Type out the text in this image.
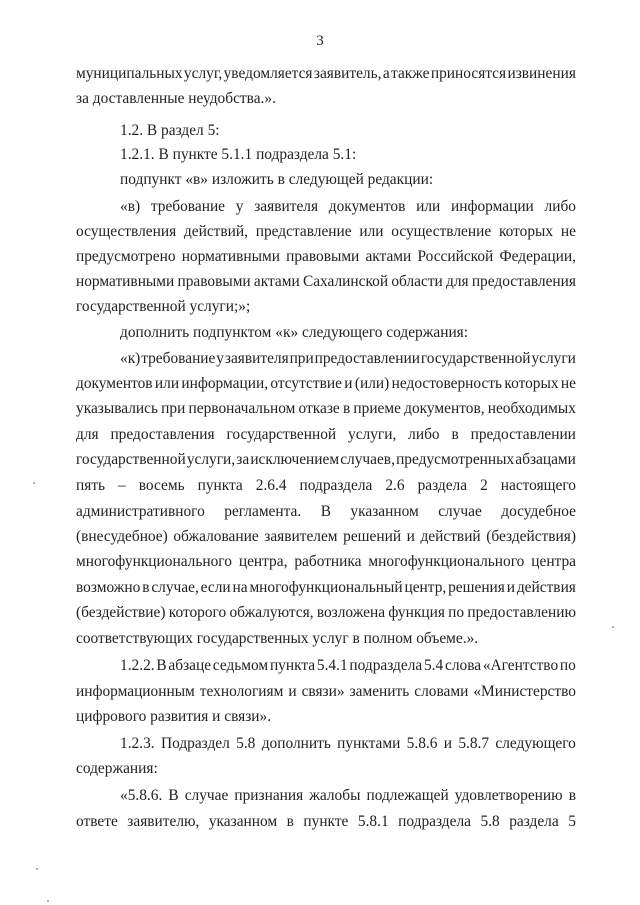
3
муниципальных услуг, уведомляется заявитель, а также приносятся извинения
за доставленные неудобства.».
1.2. В раздел 5:
1.2.1. В пункте 5.1.1 подраздела 5.1:
подпункт «в» изложить в следующей редакции:
«в) требование у заявителя документов или информации либо
осуществления действий, представление или осуществление которых не
предусмотрено нормативными правовыми актами Российской Федерации,
нормативными правовыми актами Сахалинской области для предоставления
государственной услуги;»;
дополнить подпунктом «к» следующего содержания:
«к) требование у заявителя при предоставлении государственной услуги
документов или информации, отсутствие и (или) недостоверность которых не
указывались при первоначальном отказе в приеме документов, необходимых
для предоставления государственной услуги, либо в предоставлении
государственной услуги, за исключением случаев, предусмотренных абзацами
пять – восемь пункта 2.6.4 подраздела 2.6 раздела 2 настоящего
административного регламента. В указанном случае досудебное
(внесудебное) обжалование заявителем решений и действий (бездействия)
многофункционального центра, работника многофункционального центра
возможно в случае, если на многофункциональный центр, решения и действия
(бездействие) которого обжалуются, возложена функция по предоставлению
соответствующих государственных услуг в полном объеме.».
1.2.2. В абзаце седьмом пункта 5.4.1 подраздела 5.4 слова «Агентство по
информационным технологиям и связи» заменить словами «Министерство
цифрового развития и связи».
1.2.3. Подраздел 5.8 дополнить пунктами 5.8.6 и 5.8.7 следующего
содержания:
«5.8.6. В случае признания жалобы подлежащей удовлетворению в
ответе заявителю, указанном в пункте 5.8.1 подраздела 5.8 раздела 5
